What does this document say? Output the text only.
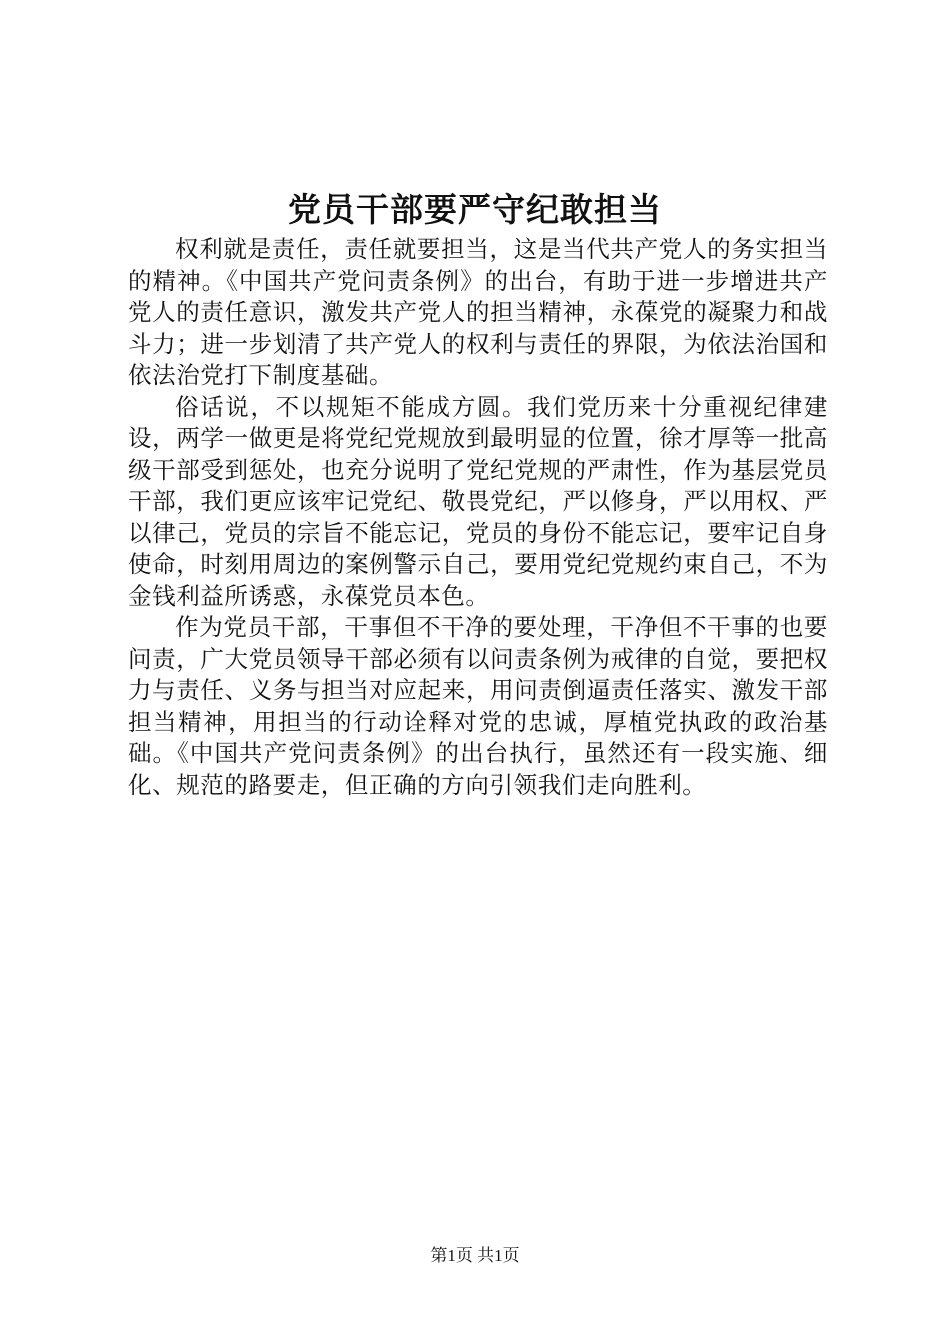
党员干部要严守纪敢担当

权利就是责任，责任就要担当，这是当代共产党人的务实担当的精神。《中国共产党问责条例》的出台，有助于进一步增进共产党人的责任意识，激发共产党人的担当精神，永葆党的凝聚力和战斗力；进一步划清了共产党人的权利与责任的界限，为依法治国和依法治党打下制度基础。

俗话说，不以规矩不能成方圆。我们党历来十分重视纪律建设，两学一做更是将党纪党规放到最明显的位置，徐才厚等一批高级干部受到惩处，也充分说明了党纪党规的严肃性，作为基层党员干部，我们更应该牢记党纪、敬畏党纪，严以修身，严以用权、严以律己，党员的宗旨不能忘记，党员的身份不能忘记，要牢记自身使命，时刻用周边的案例警示自己，要用党纪党规约束自己，不为金钱利益所诱惑，永葆党员本色。

作为党员干部，干事但不干净的要处理，干净但不干事的也要问责，广大党员领导干部必须有以问责条例为戒律的自觉，要把权力与责任、义务与担当对应起来，用问责倒逼责任落实、激发干部担当精神，用担当的行动诠释对党的忠诚，厚植党执政的政治基础。《中国共产党问责条例》的出台执行，虽然还有一段实施、细化、规范的路要走，但正确的方向引领我们走向胜利。

第1页 共1页
